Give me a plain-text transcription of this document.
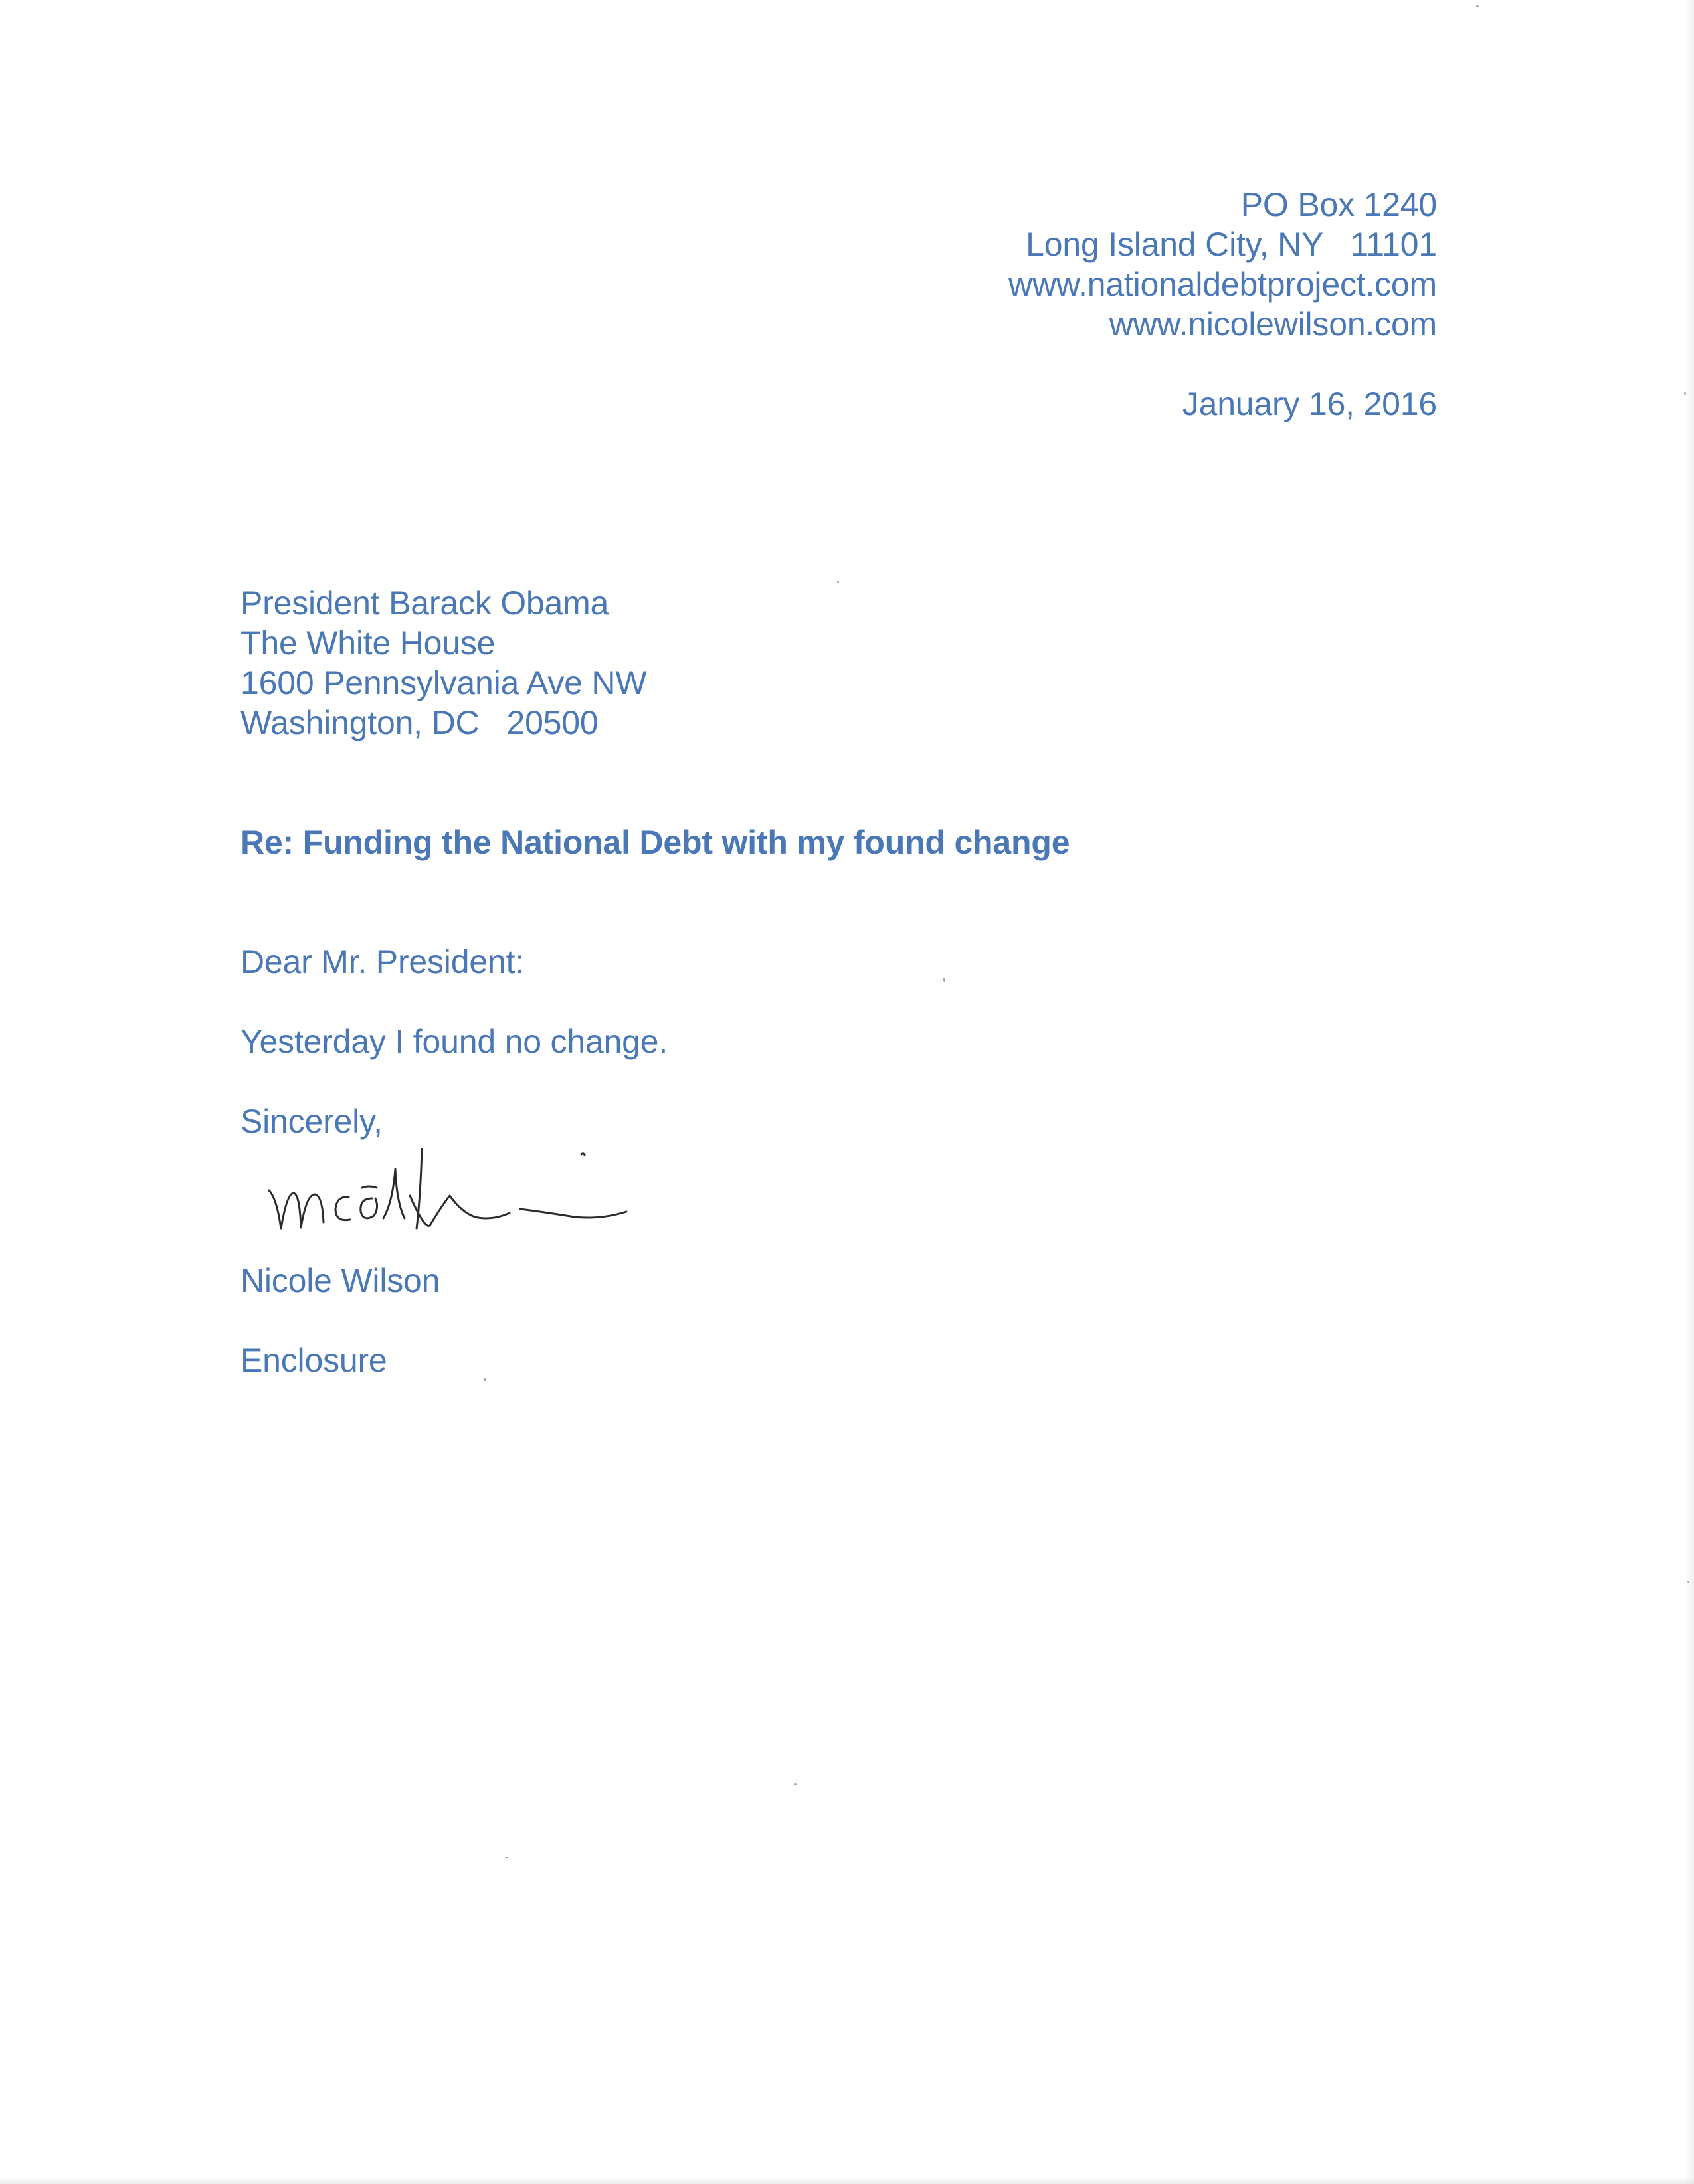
PO Box 1240
Long Island City, NY   11101
www.nationaldebtproject.com
www.nicolewilson.com
January 16, 2016
President Barack Obama
The White House
1600 Pennsylvania Ave NW
Washington, DC   20500
Re: Funding the National Debt with my found change
Dear Mr. President:
Yesterday I found no change.
Sincerely,
Nicole Wilson
Enclosure
